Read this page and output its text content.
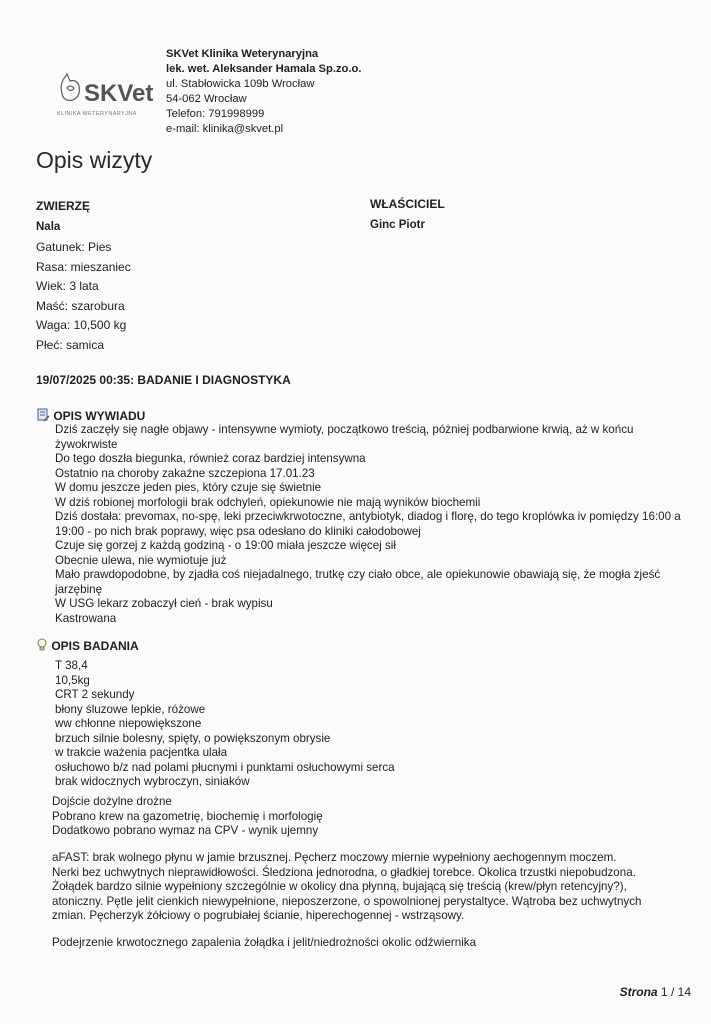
SKVet
KLINIKA WETERYNARYJNA
SKVet Klinika Weterynaryjna
lek. wet. Aleksander Hamala Sp.zo.o.
ul. Stabłowicka 109b Wrocław
54-062 Wrocław
Telefon: 791998999
e-mail: klinika@skvet.pl
Opis wizyty
ZWIERZĘ
Nala
Gatunek: Pies
Rasa: mieszaniec
Wiek: 3 lata
Maść: szarobura
Waga: 10,500 kg
Płeć: samica
WŁAŚCICIEL
Ginc Piotr
19/07/2025 00:35: BADANIE I DIAGNOSTYKA
OPIS WYWIADU
Dziś zaczęły się nagłe objawy - intensywne wymioty, początkowo treścią, póżniej podbarwione krwią, aż w końcu żywokrwiste
Do tego doszła biegunka, również coraz bardziej intensywna
Ostatnio na choroby zakaźne szczepiona 17.01.23
W domu jeszcze jeden pies, który czuje się świetnie
W dziś robionej morfologii brak odchyleń, opiekunowie nie mają wyników biochemii
Dziś dostała: prevomax, no-spę, leki przeciwkrwotoczne, antybiotyk, diadog i florę, do tego kroplówka iv pomiędzy 16:00 a 19:00 - po nich brak poprawy, więc psa odesłano do kliniki całodobowej
Czuje się gorzej z każdą godziną - o 19:00 miała jeszcze więcej sił
Obecnie ulewa, nie wymiotuje już
Mało prawdopodobne, by zjadła coś niejadalnego, trutkę czy ciało obce, ale opiekunowie obawiają się, że mogła zjeść jarzębinę
W USG lekarz zobaczył cień - brak wypisu
Kastrowana
OPIS BADANIA
T 38,4
10,5kg
CRT 2 sekundy
błony śluzowe lepkie, różowe
ww chłonne niepowiększone
brzuch silnie bolesny, spięty, o powiększonym obrysie
w trakcie ważenia pacjentka ulała
osłuchowo b/z nad polami płucnymi i punktami osłuchowymi serca
brak widocznych wybroczyn, siniaków
Dojście dożylne drożne
Pobrano krew na gazometrię, biochemię i morfologię
Dodatkowo pobrano wymaz na CPV - wynik ujemny
aFAST: brak wolnego płynu w jamie brzusznej. Pęcherz moczowy miernie wypełniony aechogennym moczem.
Nerki bez uchwytnych nieprawidłowości. Śledziona jednorodna, o gładkiej torebce. Okolica trzustki niepobudzona.
Żołądek bardzo silnie wypełniony szczególnie w okolicy dna płynną, bujającą się treścią (krew/płyn retencyjny?),
atoniczny. Pętle jelit cienkich niewypełnione, nieposzerzone, o spowolnionej perystaltyce. Wątroba bez uchwytnych
zmian. Pęcherzyk żółciowy o pogrubiałej ścianie, hiperechogennej - wstrząsowy.
Podejrzenie krwotocznego zapalenia żołądka i jelit/niedrożności okolic odźwiernika
Strona 1 / 14
